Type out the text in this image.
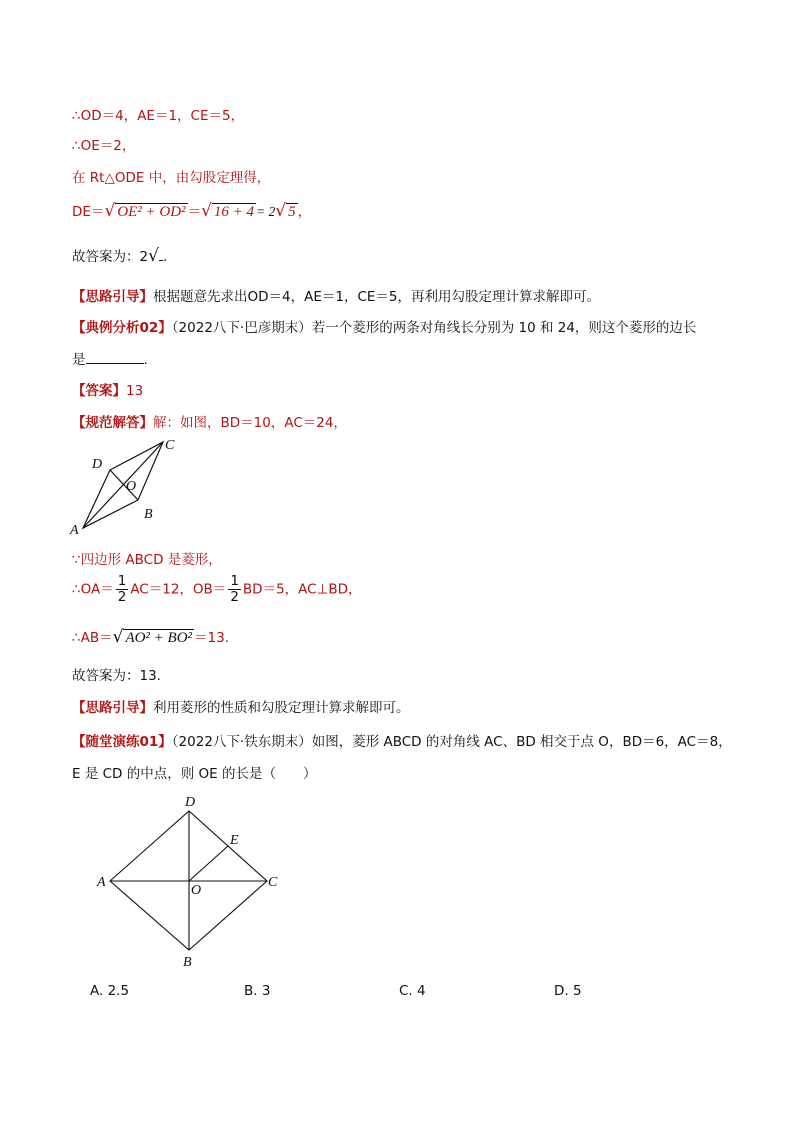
∴OD＝4，AE＝1，CE＝5，
∴OE＝2，
在 Rt△ODE 中，由勾股定理得，
DE＝√ OE² + OD² ＝√ 16 + 4 = 2√ 5 ，
故答案为：2√ .
【思路引导】根据题意先求出OD＝4，AE＝1，CE＝5，再利用勾股定理计算求解即可。
【典例分析02】（2022八下·巴彦期末）若一个菱形的两条对角线长分别为 10 和 24，则这个菱形的边长
是	.
【答案】13
【规范解答】解：如图，BD＝10，AC＝24，
A
B
C
D
O
∵四边形 ABCD 是菱形，
∴OA＝ $\frac{1}{2} AC=12$，$OB= \frac{1}{2} BD=5$，AC⊥BD，
∴AB＝√ AO² + BO² ＝13.
故答案为：13.
【思路引导】利用菱形的性质和勾股定理计算求解即可。
【随堂演练01】（2022八下·铁东期末）如图，菱形 ABCD 的对角线 AC、BD 相交于点 O，BD＝6，AC＝8，
E 是 CD 的中点，则 OE 的长是（　　）
A
B
C
D
E
O
A. 2.5	B. 3	C. 4	D. 5
